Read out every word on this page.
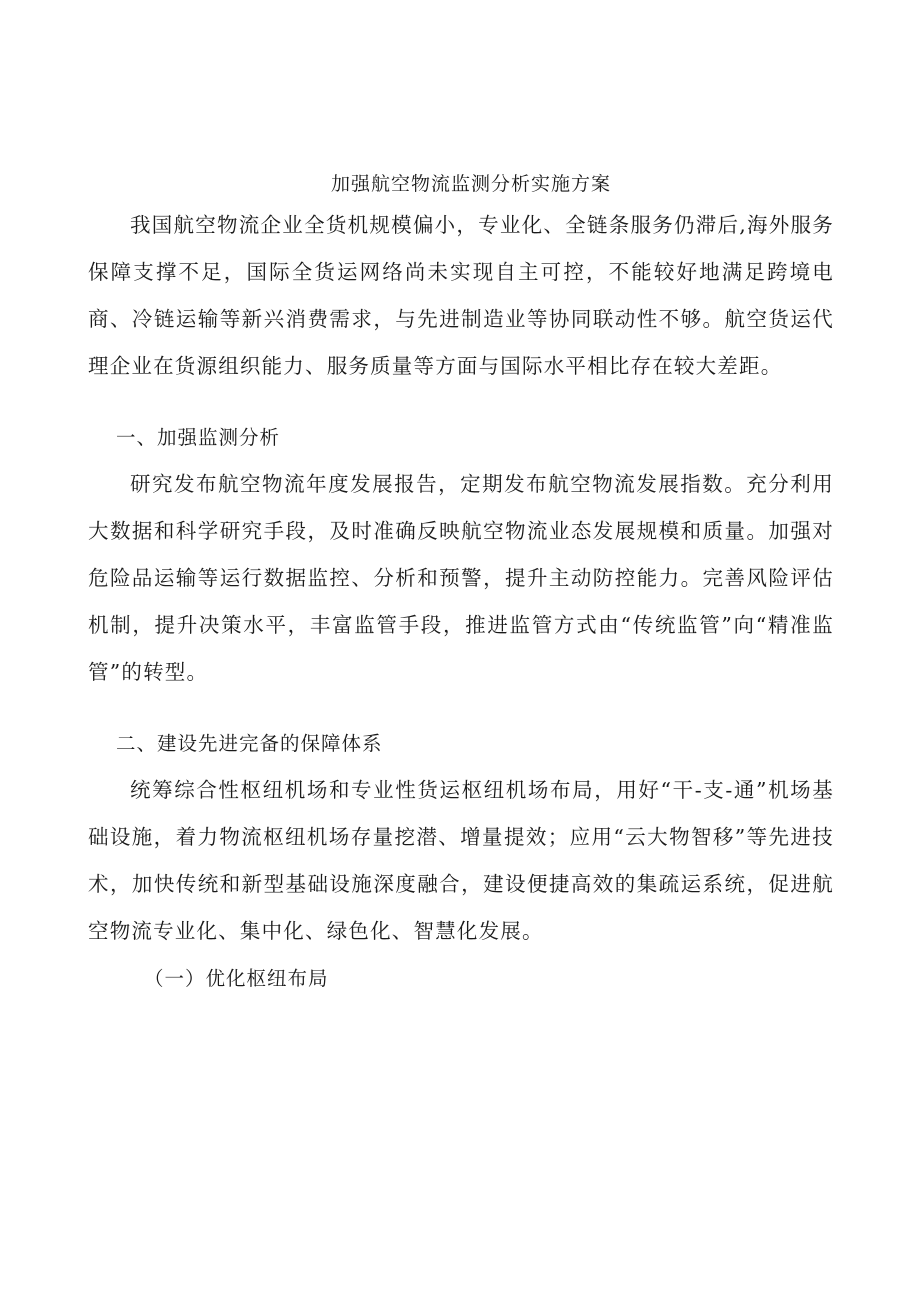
加强航空物流监测分析实施方案

我国航空物流企业全货机规模偏小，专业化、全链条服务仍滞后,海外服务保障支撑不足，国际全货运网络尚未实现自主可控，不能较好地满足跨境电商、冷链运输等新兴消费需求，与先进制造业等协同联动性不够。航空货运代理企业在货源组织能力、服务质量等方面与国际水平相比存在较大差距。

一、加强监测分析

研究发布航空物流年度发展报告，定期发布航空物流发展指数。充分利用大数据和科学研究手段，及时准确反映航空物流业态发展规模和质量。加强对危险品运输等运行数据监控、分析和预警，提升主动防控能力。完善风险评估机制，提升决策水平，丰富监管手段，推进监管方式由“传统监管”向“精准监管”的转型。

二、建设先进完备的保障体系

统筹综合性枢纽机场和专业性货运枢纽机场布局，用好“干-支-通”机场基础设施，着力物流枢纽机场存量挖潜、增量提效；应用“云大物智移”等先进技术，加快传统和新型基础设施深度融合，建设便捷高效的集疏运系统，促进航空物流专业化、集中化、绿色化、智慧化发展。

（一）优化枢纽布局
